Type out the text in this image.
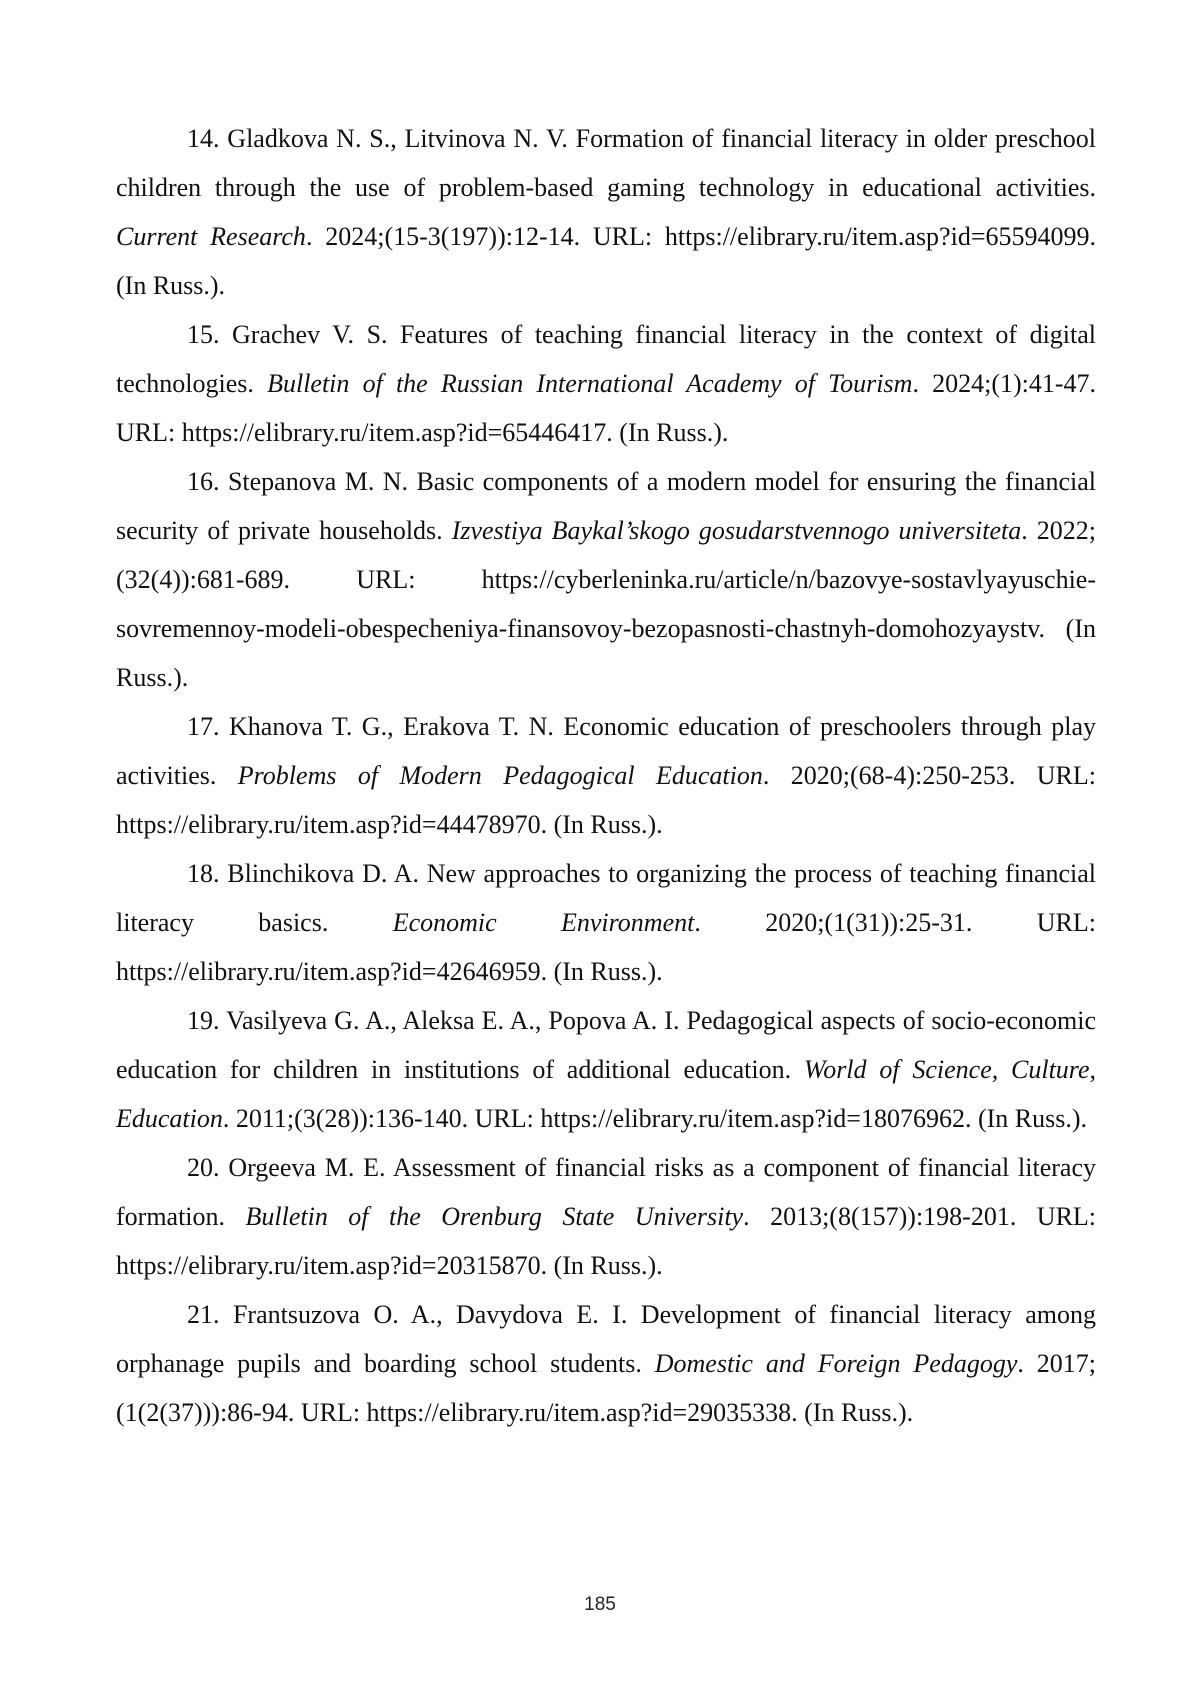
14. Gladkova N. S., Litvinova N. V. Formation of financial literacy in older preschool children through the use of problem-based gaming technology in educational activities. Current Research. 2024;(15-3(197)):12-14. URL: https://elibrary.ru/item.asp?id=65594099. (In Russ.).

15. Grachev V. S. Features of teaching financial literacy in the context of digital technologies. Bulletin of the Russian International Academy of Tourism. 2024;(1):41-47. URL: https://elibrary.ru/item.asp?id=65446417. (In Russ.).

16. Stepanova M. N. Basic components of a modern model for ensuring the financial security of private households. Izvestiya Baykal’skogo gosudarstvennogo universiteta. 2022;(32(4)):681-689. URL: https://cyberleninka.ru/article/n/bazovye-sostavlyayuschie-sovremennoy-modeli-obespecheniya-finansovoy-bezopasnosti-chastnyh-domohozyaystv. (In Russ.).

17. Khanova T. G., Erakova T. N. Economic education of preschoolers through play activities. Problems of Modern Pedagogical Education. 2020;(68-4):250-253. URL: https://elibrary.ru/item.asp?id=44478970. (In Russ.).

18. Blinchikova D. A. New approaches to organizing the process of teaching financial literacy basics. Economic Environment. 2020;(1(31)):25-31. URL: https://elibrary.ru/item.asp?id=42646959. (In Russ.).

19. Vasilyeva G. A., Aleksa E. A., Popova A. I. Pedagogical aspects of socio-economic education for children in institutions of additional education. World of Science, Culture, Education. 2011;(3(28)):136-140. URL: https://elibrary.ru/item.asp?id=18076962. (In Russ.).

20. Orgeeva M. E. Assessment of financial risks as a component of financial literacy formation. Bulletin of the Orenburg State University. 2013;(8(157)):198-201. URL: https://elibrary.ru/item.asp?id=20315870. (In Russ.).

21. Frantsuzova O. A., Davydova E. I. Development of financial literacy among orphanage pupils and boarding school students. Domestic and Foreign Pedagogy. 2017;(1(2(37))):86-94. URL: https://elibrary.ru/item.asp?id=29035338. (In Russ.).

185
